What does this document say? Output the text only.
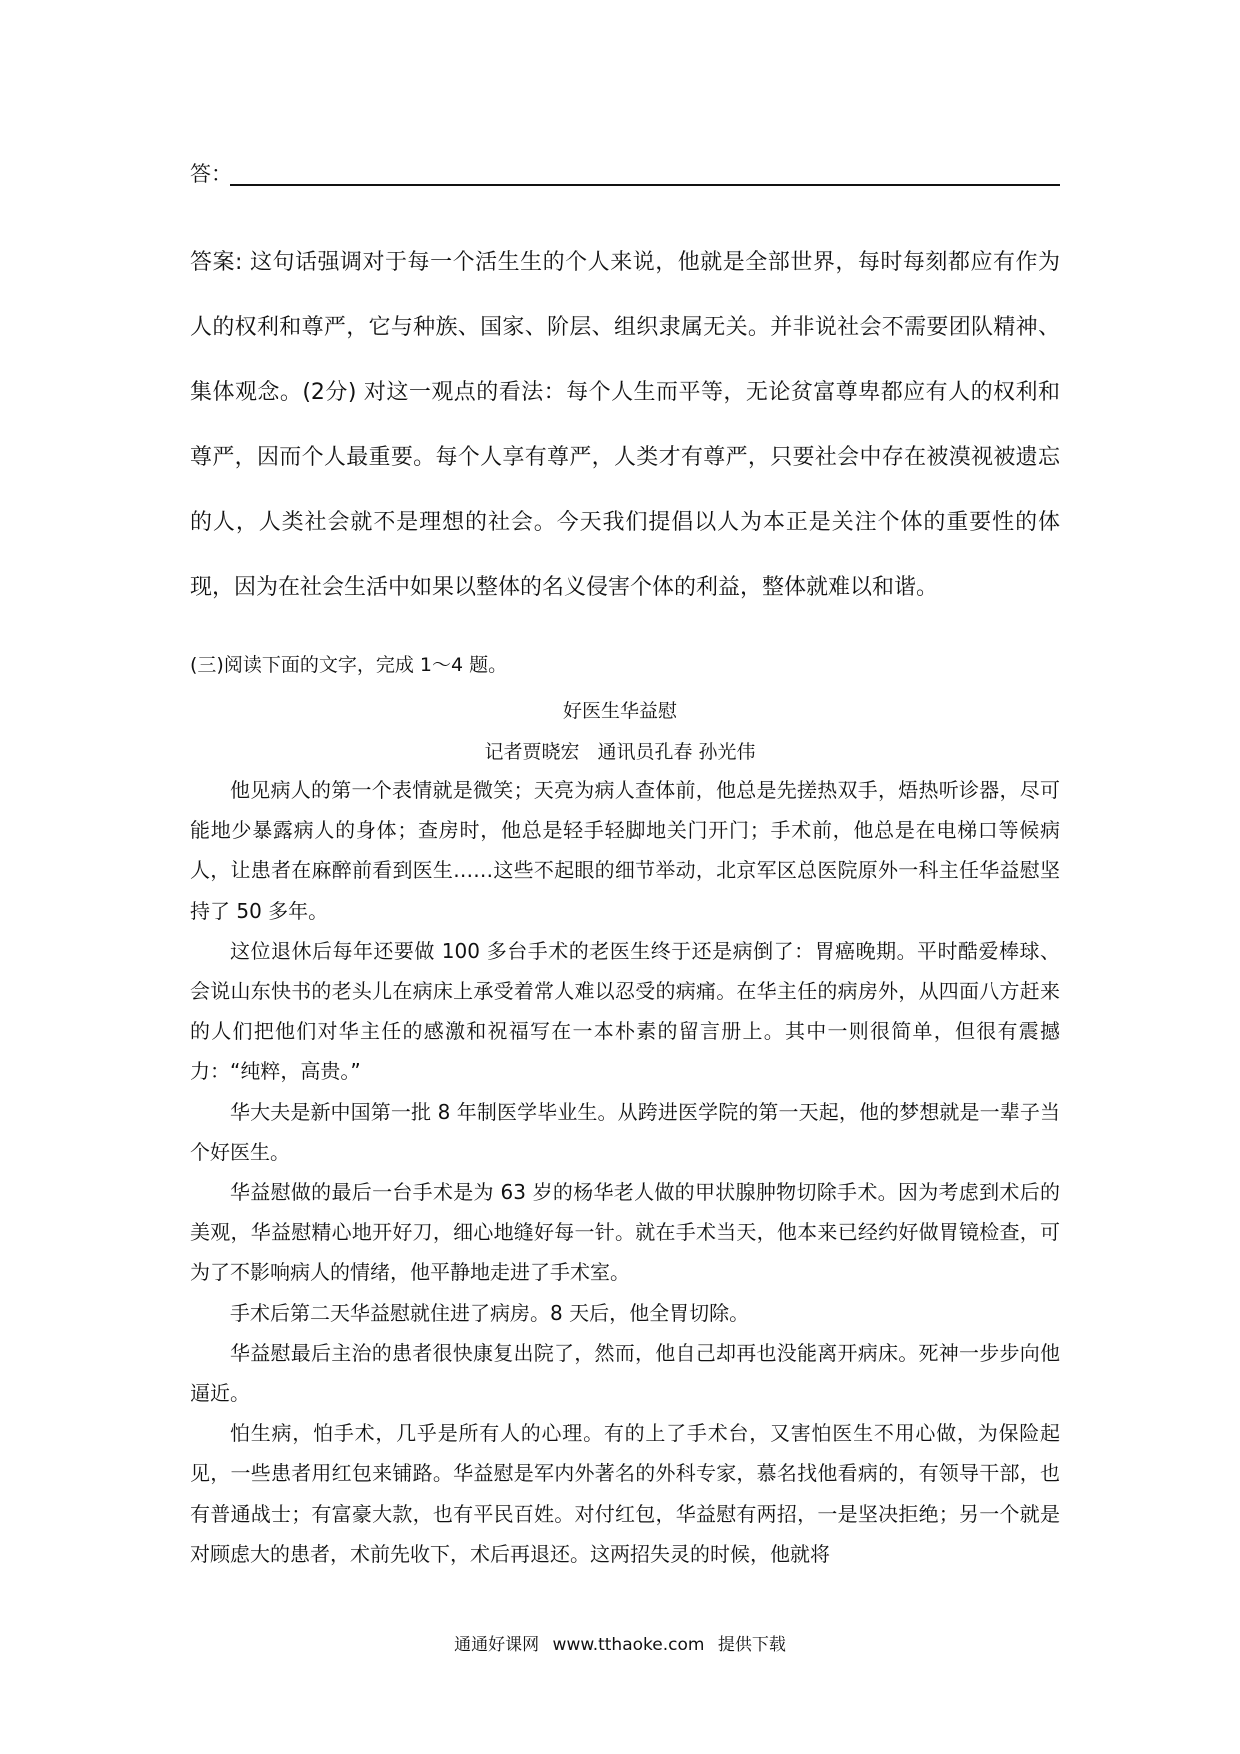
答：

答案: 这句话强调对于每一个活生生的个人来说，他就是全部世界，每时每刻都应有作为人的权利和尊严，它与种族、国家、阶层、组织隶属无关。并非说社会不需要团队精神、集体观念。(2分) 对这一观点的看法：每个人生而平等，无论贫富尊卑都应有人的权利和尊严，因而个人最重要。每个人享有尊严，人类才有尊严，只要社会中存在被漠视被遗忘的人，人类社会就不是理想的社会。今天我们提倡以人为本正是关注个体的重要性的体现，因为在社会生活中如果以整体的名义侵害个体的利益，整体就难以和谐。

(三)阅读下面的文字，完成 1～4 题。
好医生华益慰
记者贾晓宏 通讯员孔春 孙光伟

他见病人的第一个表情就是微笑；天亮为病人查体前，他总是先搓热双手，焐热听诊器，尽可能地少暴露病人的身体；查房时，他总是轻手轻脚地关门开门；手术前，他总是在电梯口等候病人，让患者在麻醉前看到医生……这些不起眼的细节举动，北京军区总医院原外一科主任华益慰坚持了 50 多年。

这位退休后每年还要做 100 多台手术的老医生终于还是病倒了：胃癌晚期。平时酷爱棒球、会说山东快书的老头儿在病床上承受着常人难以忍受的病痛。在华主任的病房外，从四面八方赶来的人们把他们对华主任的感激和祝福写在一本朴素的留言册上。其中一则很简单，但很有震撼力：“纯粹，高贵。”

华大夫是新中国第一批 8 年制医学毕业生。从跨进医学院的第一天起，他的梦想就是一辈子当个好医生。

华益慰做的最后一台手术是为 63 岁的杨华老人做的甲状腺肿物切除手术。因为考虑到术后的美观，华益慰精心地开好刀，细心地缝好每一针。就在手术当天，他本来已经约好做胃镜检查，可为了不影响病人的情绪，他平静地走进了手术室。

手术后第二天华益慰就住进了病房。8 天后，他全胃切除。

华益慰最后主治的患者很快康复出院了，然而，他自己却再也没能离开病床。死神一步步向他逼近。

怕生病，怕手术，几乎是所有人的心理。有的上了手术台，又害怕医生不用心做，为保险起见，一些患者用红包来铺路。华益慰是军内外著名的外科专家，慕名找他看病的，有领导干部，也有普通战士；有富豪大款，也有平民百姓。对付红包，华益慰有两招，一是坚决拒绝；另一个就是对顾虑大的患者，术前先收下，术后再退还。这两招失灵的时候，他就将

通通好课网 www.tthaoke.com 提供下载
